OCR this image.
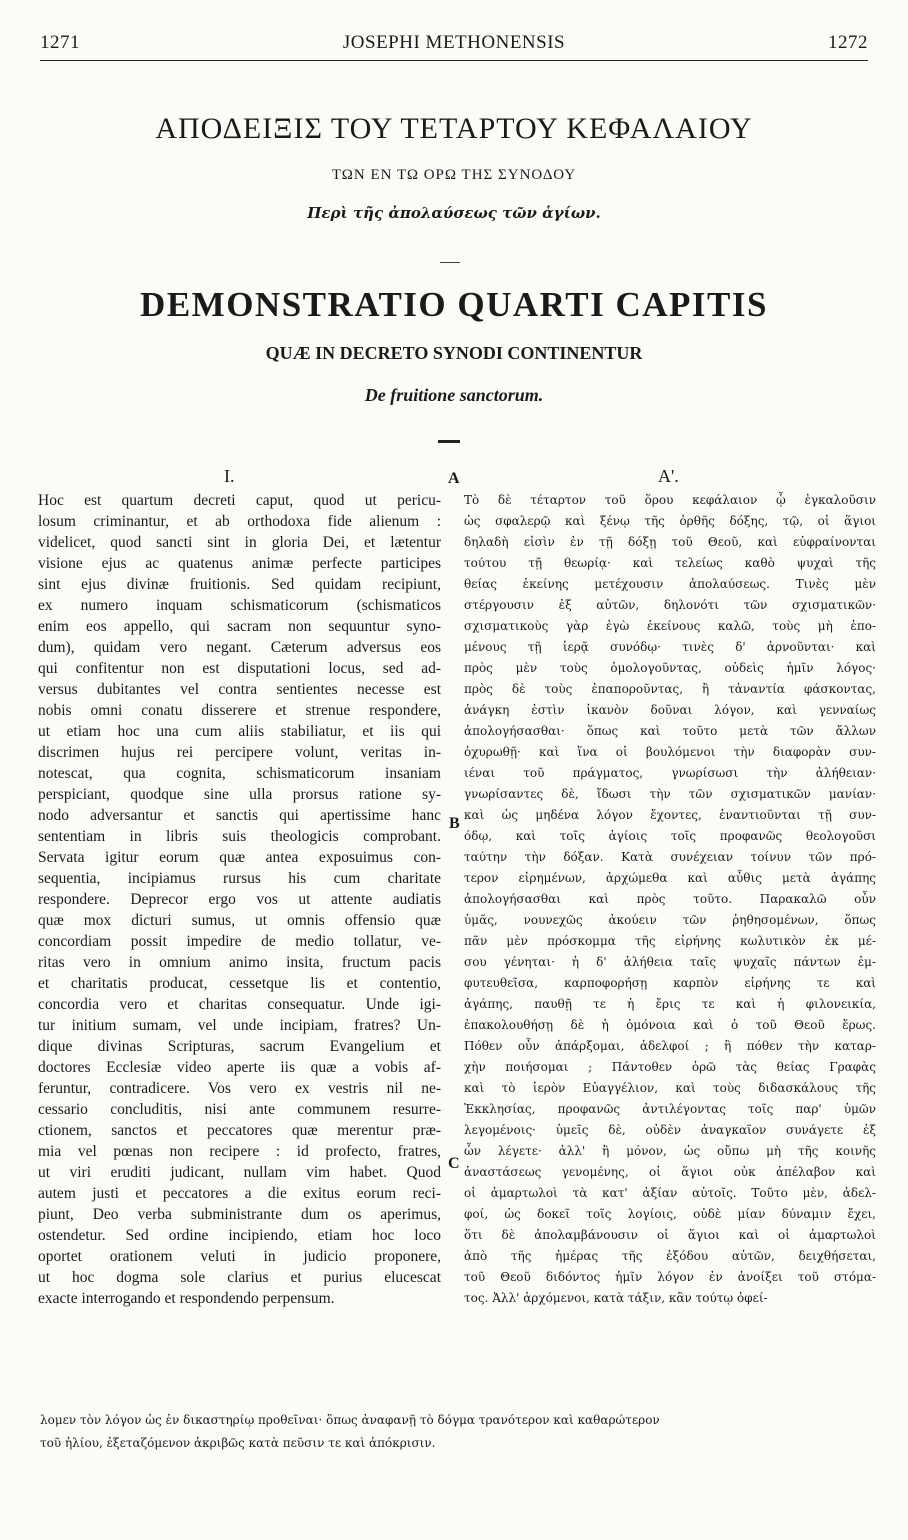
1271	JOSEPHI METHONENSIS	1272
ΑΠΟΔΕΙΞΙΣ ΤΟΥ ΤΕΤΑΡΤΟΥ ΚΕΦΑΛΑΙΟΥ
ΤΩΝ ΕΝ ΤΩ ΟΡΩ ΤΗΣ ΣΥΝΟΔΟΥ
Περὶ τῆς ἀπολαύσεως τῶν ἁγίων.
DEMONSTRATIO QUARTI CAPITIS
QUÆ IN DECRETO SYNODI CONTINENTUR
De fruitione sanctorum.
I.	Α'.
A
B
C
Hoc est quartum decreti caput, quod ut pericu-
losum criminantur, et ab orthodoxa fide alienum :
videlicet, quod sancti sint in gloria Dei, et lætentur
visione ejus ac quatenus animæ perfecte participes
sint ejus divinæ fruitionis. Sed quidam recipiunt,
ex numero inquam schismaticorum (schismaticos
enim eos appello, qui sacram non sequuntur syno-
dum), quidam vero negant. Cæterum adversus eos
qui confitentur non est disputationi locus, sed ad-
versus dubitantes vel contra sentientes necesse est
nobis omni conatu disserere et strenue respondere,
ut etiam hoc una cum aliis stabiliatur, et iis qui
discrimen hujus rei percipere volunt, veritas in-
notescat, qua cognita, schismaticorum insaniam
perspiciant, quodque sine ulla prorsus ratione sy-
nodo adversantur et sanctis qui apertissime hanc
sententiam in libris suis theologicis comprobant.
Servata igitur eorum quæ antea exposuimus con-
sequentia, incipiamus rursus his cum charitate
respondere. Deprecor ergo vos ut attente audiatis
quæ mox dicturi sumus, ut omnis offensio quæ
concordiam possit impedire de medio tollatur, ve-
ritas vero in omnium animo insita, fructum pacis
et charitatis producat, cessetque lis et contentio,
concordia vero et charitas consequatur. Unde igi-
tur initium sumam, vel unde incipiam, fratres? Un-
dique divinas Scripturas, sacrum Evangelium et
doctores Ecclesiæ video aperte iis quæ a vobis af-
feruntur, contradicere. Vos vero ex vestris nil ne-
cessario concluditis, nisi ante communem resurre-
ctionem, sanctos et peccatores quæ merentur præ-
mia vel pœnas non recipere : id profecto, fratres,
ut viri eruditi judicant, nullam vim habet. Quod
autem justi et peccatores a die exitus eorum reci-
piunt, Deo verba subministrante dum os aperimus,
ostendetur. Sed ordine incipiendo, etiam hoc loco
oportet orationem veluti in judicio proponere,
ut hoc dogma sole clarius et purius elucescat
exacte interrogando et respondendo perpensum.
Τὸ δὲ τέταρτον τοῦ ὅρου κεφάλαιον ᾧ ἐγκαλοῦσιν
ὡς σφαλερῷ καὶ ξένῳ τῆς ὀρθῆς δόξης, τῷ, οἱ ἅγιοι
δηλαδὴ εἰσὶν ἐν τῇ δόξῃ τοῦ Θεοῦ, καὶ εὐφραίνονται
τούτου τῇ θεωρίᾳ· καὶ τελείως καθὸ ψυχαὶ τῆς
θείας ἐκείνης μετέχουσιν ἀπολαύσεως. Τινὲς μὲν
στέργουσιν ἐξ αὐτῶν, δηλονότι τῶν σχισματικῶν·
σχισματικοὺς γὰρ ἐγὼ ἐκείνους καλῶ, τοὺς μὴ ἑπο-
μένους τῇ ἱερᾷ συνόδῳ· τινὲς δ' ἀρνοῦνται· καὶ
πρὸς μὲν τοὺς ὁμολογοῦντας, οὐδεὶς ἡμῖν λόγος·
πρὸς δὲ τοὺς ἐπαπορoῦντας, ἢ τἀναντία φάσκοντας,
ἀνάγκη ἐστὶν ἱκανὸν δοῦναι λόγον, καὶ γενναίως
ἀπολογήσασθαι· ὅπως καὶ τοῦτο μετὰ τῶν ἄλλων
ὀχυρωθῇ· καὶ ἵνα οἱ βουλόμενοι τὴν διαφορὰν συν-
ιέναι τοῦ πράγματος, γνωρίσωσι τὴν ἀλήθειαν·
γνωρίσαντες δὲ, ἴδωσι τὴν τῶν σχισματικῶν μανίαν·
καὶ ὡς μηδένα λόγον ἔχοντες, ἐναντιοῦνται τῇ συν-
όδῳ, καὶ τοῖς ἁγίοις τοῖς προφανῶς θεολογοῦσι
ταύτην τὴν δόξαν. Κατὰ συνέχειαν τοίνυν τῶν πρό-
τερον εἰρημένων, ἀρχώμεθα καὶ αὖθις μετὰ ἀγάπης
ἀπολογήσασθαι καὶ πρὸς τοῦτο. Παρακαλῶ οὖν
ὑμᾶς, νουνεχῶς ἀκούειν τῶν ῥηθησομένων, ὅπως
πᾶν μὲν πρόσκομμα τῆς εἰρήνης κωλυτικὸν ἐκ μέ-
σου γένηται· ἡ δ' ἀλήθεια ταῖς ψυχαῖς πάντων ἐμ-
φυτευθεῖσα, καρποφορήσῃ καρπὸν εἰρήνης τε καὶ
ἀγάπης, παυθῇ τε ἡ ἔρις τε καὶ ἡ φιλονεικία,
ἐπακολουθήσῃ δὲ ἡ ὁμόνοια καὶ ὁ τοῦ Θεοῦ ἔρως.
Πόθεν οὖν ἀπάρξομαι, ἀδελφοί ; ἢ πόθεν τὴν καταρ-
χὴν ποιήσομαι ; Πάντοθεν ὁρῶ τὰς θείας Γραφὰς
καὶ τὸ ἱερὸν Εὐαγγέλιον, καὶ τοὺς διδασκάλους τῆς
Ἐκκλησίας, προφανῶς ἀντιλέγοντας τοῖς παρ' ὑμῶν
λεγομένοις· ὑμεῖς δὲ, οὐδὲν ἀναγκαῖον συνάγετε ἐξ
ὧν λέγετε· ἀλλ' ἢ μόνον, ὡς οὔπω μὴ τῆς κοινῆς
ἀναστάσεως γενομένης, οἱ ἅγιοι οὐκ ἀπέλαβον καὶ
οἱ ἁμαρτωλοὶ τὰ κατ' ἀξίαν αὐτοῖς. Τοῦτο μὲν, ἀδελ-
φοί, ὡς δοκεῖ τοῖς λογίοις, οὐδὲ μίαν δύναμιν ἔχει,
ὅτι δὲ ἀπολαμβάνουσιν οἱ ἅγιοι καὶ οἱ ἁμαρτωλοὶ
ἀπὸ τῆς ἡμέρας τῆς ἐξόδου αὐτῶν, δειχθήσεται,
τοῦ Θεοῦ διδόντος ἡμῖν λόγον ἐν ἀνοίξει τοῦ στόμα-
τος. Ἀλλ' ἀρχόμενοι, κατὰ τάξιν, κἂν τούτῳ ὀφεί-
λομεν τὸν λόγον ὡς ἐν δικαστηρίῳ προθεῖναι· ὅπως ἀναφανῇ τὸ δόγμα τρανότερον καὶ καθαρώτερον
τοῦ ἡλίου, ἐξεταζόμενον ἀκριβῶς κατὰ πεῦσιν τε καὶ ἀπόκρισιν.
